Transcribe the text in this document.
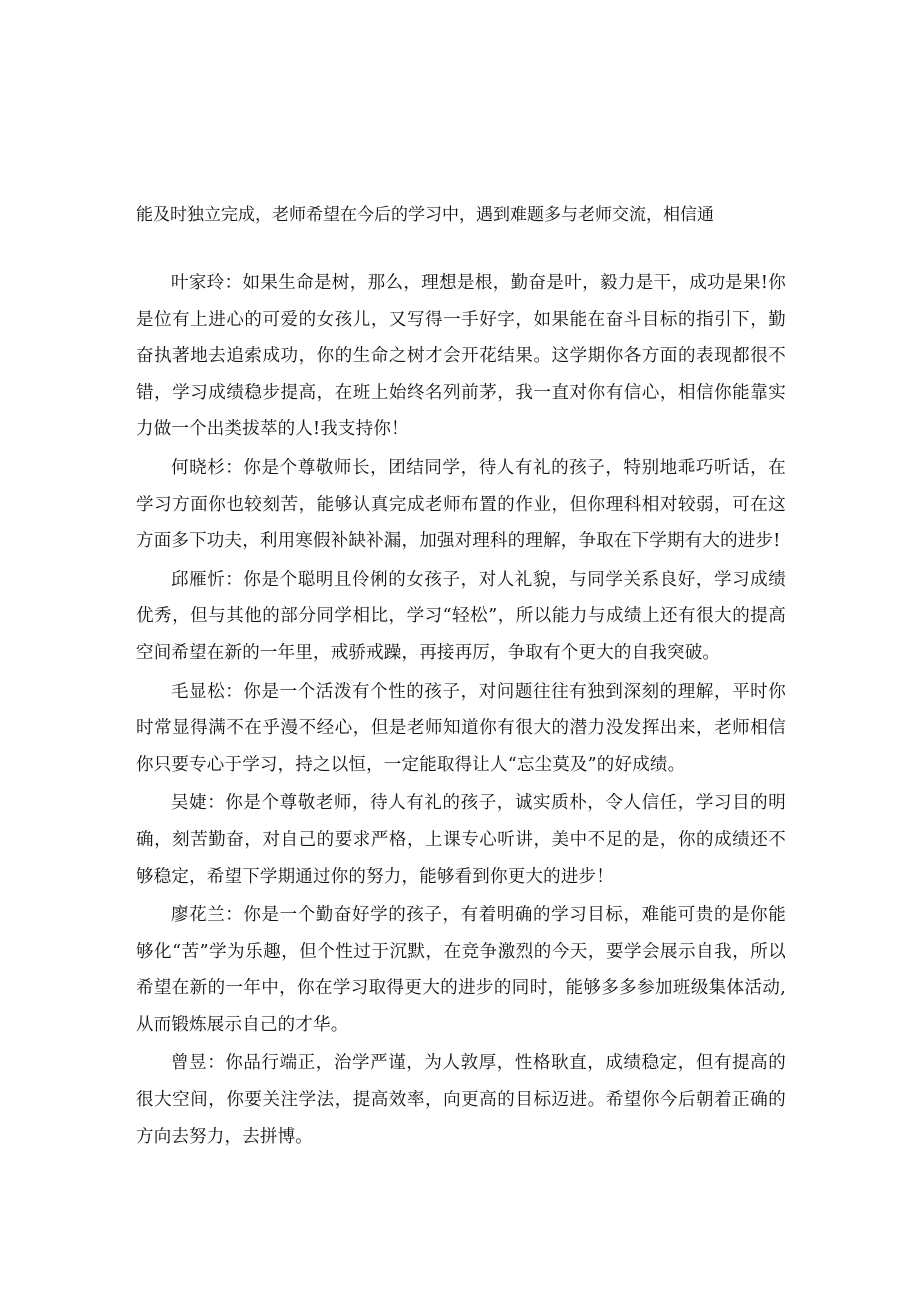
能及时独立完成，老师希望在今后的学习中，遇到难题多与老师交流，相信通

叶家玲：如果生命是树，那么，理想是根，勤奋是叶，毅力是干，成功是果!你是位有上进心的可爱的女孩儿，又写得一手好字，如果能在奋斗目标的指引下，勤奋执著地去追索成功，你的生命之树才会开花结果。这学期你各方面的表现都很不错，学习成绩稳步提高，在班上始终名列前茅，我一直对你有信心，相信你能靠实力做一个出类拔萃的人!我支持你！

何晓杉：你是个尊敬师长，团结同学，待人有礼的孩子，特别地乖巧听话，在学习方面你也较刻苦，能够认真完成老师布置的作业，但你理科相对较弱，可在这方面多下功夫，利用寒假补缺补漏，加强对理科的理解，争取在下学期有大的进步!

邱雁忻：你是个聪明且伶俐的女孩子，对人礼貌，与同学关系良好，学习成绩优秀，但与其他的部分同学相比，学习“轻松”，所以能力与成绩上还有很大的提高空间希望在新的一年里，戒骄戒躁，再接再厉，争取有个更大的自我突破。

毛显松：你是一个活泼有个性的孩子，对问题往往有独到深刻的理解，平时你时常显得满不在乎漫不经心，但是老师知道你有很大的潜力没发挥出来，老师相信你只要专心于学习，持之以恒，一定能取得让人“忘尘莫及”的好成绩。

吴婕：你是个尊敬老师，待人有礼的孩子，诚实质朴，令人信任，学习目的明确，刻苦勤奋，对自己的要求严格，上课专心听讲，美中不足的是，你的成绩还不够稳定，希望下学期通过你的努力，能够看到你更大的进步！

廖花兰：你是一个勤奋好学的孩子，有着明确的学习目标，难能可贵的是你能够化“苦”学为乐趣，但个性过于沉默，在竞争激烈的今天，要学会展示自我，所以希望在新的一年中，你在学习取得更大的进步的同时，能够多多参加班级集体活动,从而锻炼展示自己的才华。

曾昱：你品行端正，治学严谨，为人敦厚，性格耿直，成绩稳定，但有提高的很大空间，你要关注学法，提高效率，向更高的目标迈进。希望你今后朝着正确的方向去努力，去拼博。
